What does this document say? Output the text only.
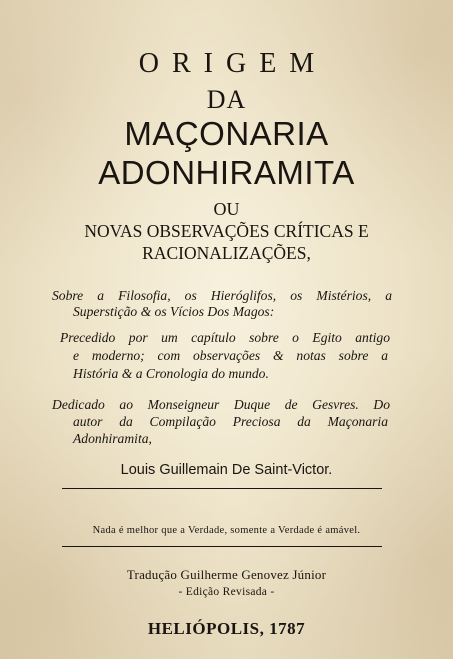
ORIGEM
DA
MAÇONARIA
ADONHIRAMITA
OU
NOVAS OBSERVAÇÕES CRÍTICAS E
RACIONALIZAÇÕES,
Sobre a Filosofia, os Hieróglifos, os Mistérios, a
Superstição & os Vícios Dos Magos:
Precedido por um capítulo sobre o Egito antigo
e moderno; com observações & notas sobre a
História & a Cronologia do mundo.
Dedicado ao Monseigneur Duque de Gesvres. Do
autor da Compilação Preciosa da Maçonaria
Adonhiramita,
Louis Guillemain De Saint-Victor.
Nada é melhor que a Verdade, somente a Verdade é amável.
Tradução Guilherme Genovez Júnior
- Edição Revisada -
HELIÓPOLIS, 1787
